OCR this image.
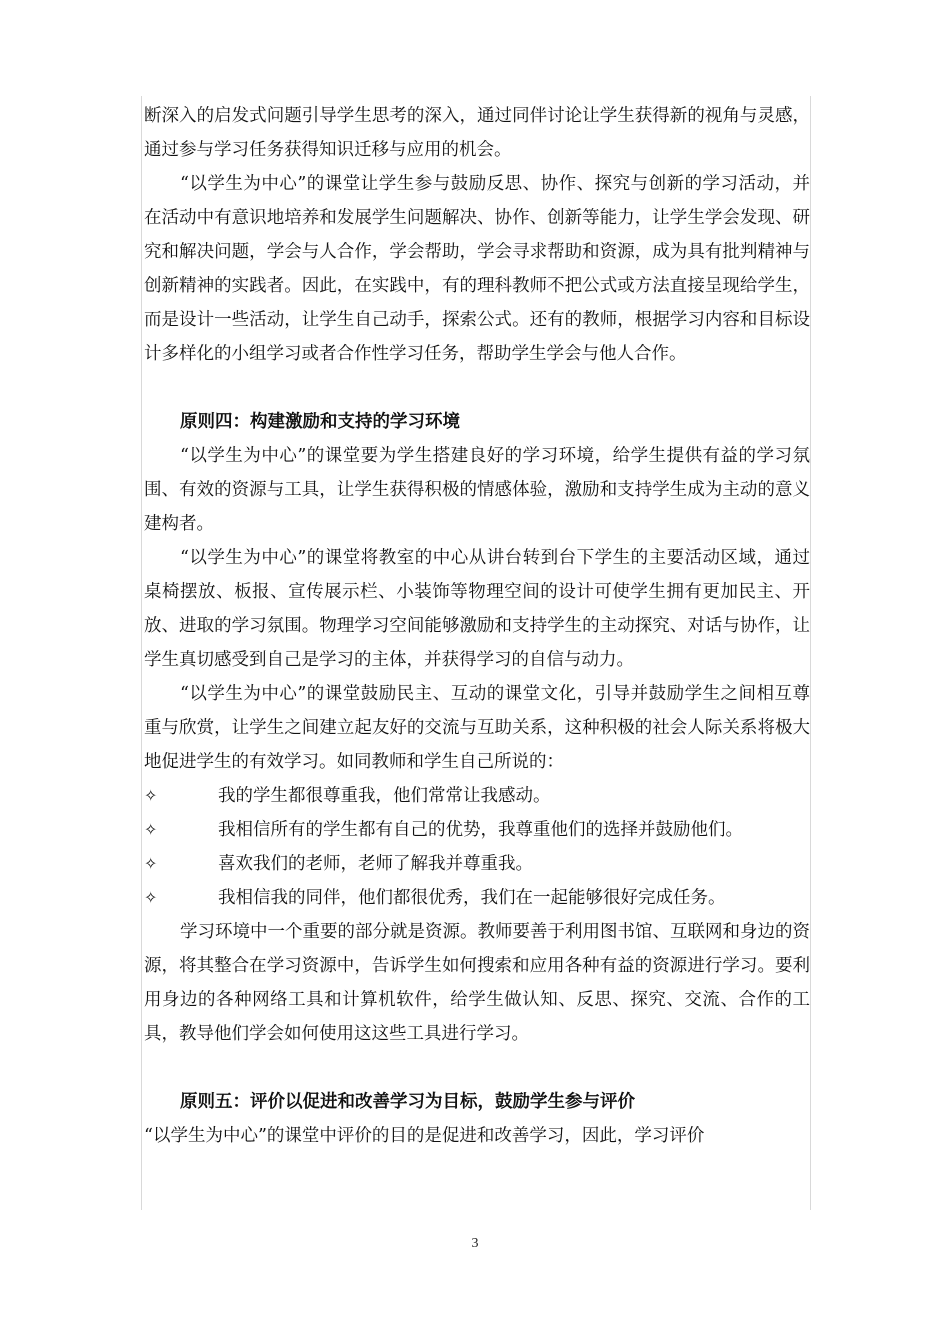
断深入的启发式问题引导学生思考的深入，通过同伴讨论让学生获得新的视角与灵感，通过参与学习任务获得知识迁移与应用的机会。

“以学生为中心”的课堂让学生参与鼓励反思、协作、探究与创新的学习活动，并在活动中有意识地培养和发展学生问题解决、协作、创新等能力，让学生学会发现、研究和解决问题，学会与人合作，学会帮助，学会寻求帮助和资源，成为具有批判精神与创新精神的实践者。因此，在实践中，有的理科教师不把公式或方法直接呈现给学生，而是设计一些活动，让学生自己动手，探索公式。还有的教师，根据学习内容和目标设计多样化的小组学习或者合作性学习任务，帮助学生学会与他人合作。

原则四：构建激励和支持的学习环境

“以学生为中心”的课堂要为学生搭建良好的学习环境，给学生提供有益的学习氛围、有效的资源与工具，让学生获得积极的情感体验，激励和支持学生成为主动的意义建构者。

“以学生为中心”的课堂将教室的中心从讲台转到台下学生的主要活动区域，通过桌椅摆放、板报、宣传展示栏、小装饰等物理空间的设计可使学生拥有更加民主、开放、进取的学习氛围。物理学习空间能够激励和支持学生的主动探究、对话与协作，让学生真切感受到自己是学习的主体，并获得学习的自信与动力。

“以学生为中心”的课堂鼓励民主、互动的课堂文化，引导并鼓励学生之间相互尊重与欣赏，让学生之间建立起友好的交流与互助关系，这种积极的社会人际关系将极大地促进学生的有效学习。如同教师和学生自己所说的：

✧	我的学生都很尊重我，他们常常让我感动。
✧	我相信所有的学生都有自己的优势，我尊重他们的选择并鼓励他们。
✧	喜欢我们的老师，老师了解我并尊重我。
✧	我相信我的同伴，他们都很优秀，我们在一起能够很好完成任务。

学习环境中一个重要的部分就是资源。教师要善于利用图书馆、互联网和身边的资源，将其整合在学习资源中，告诉学生如何搜索和应用各种有益的资源进行学习。要利用身边的各种网络工具和计算机软件，给学生做认知、反思、探究、交流、合作的工具，教导他们学会如何使用这这些工具进行学习。

原则五：评价以促进和改善学习为目标，鼓励学生参与评价

“以学生为中心”的课堂中评价的目的是促进和改善学习，因此，学习评价

3
